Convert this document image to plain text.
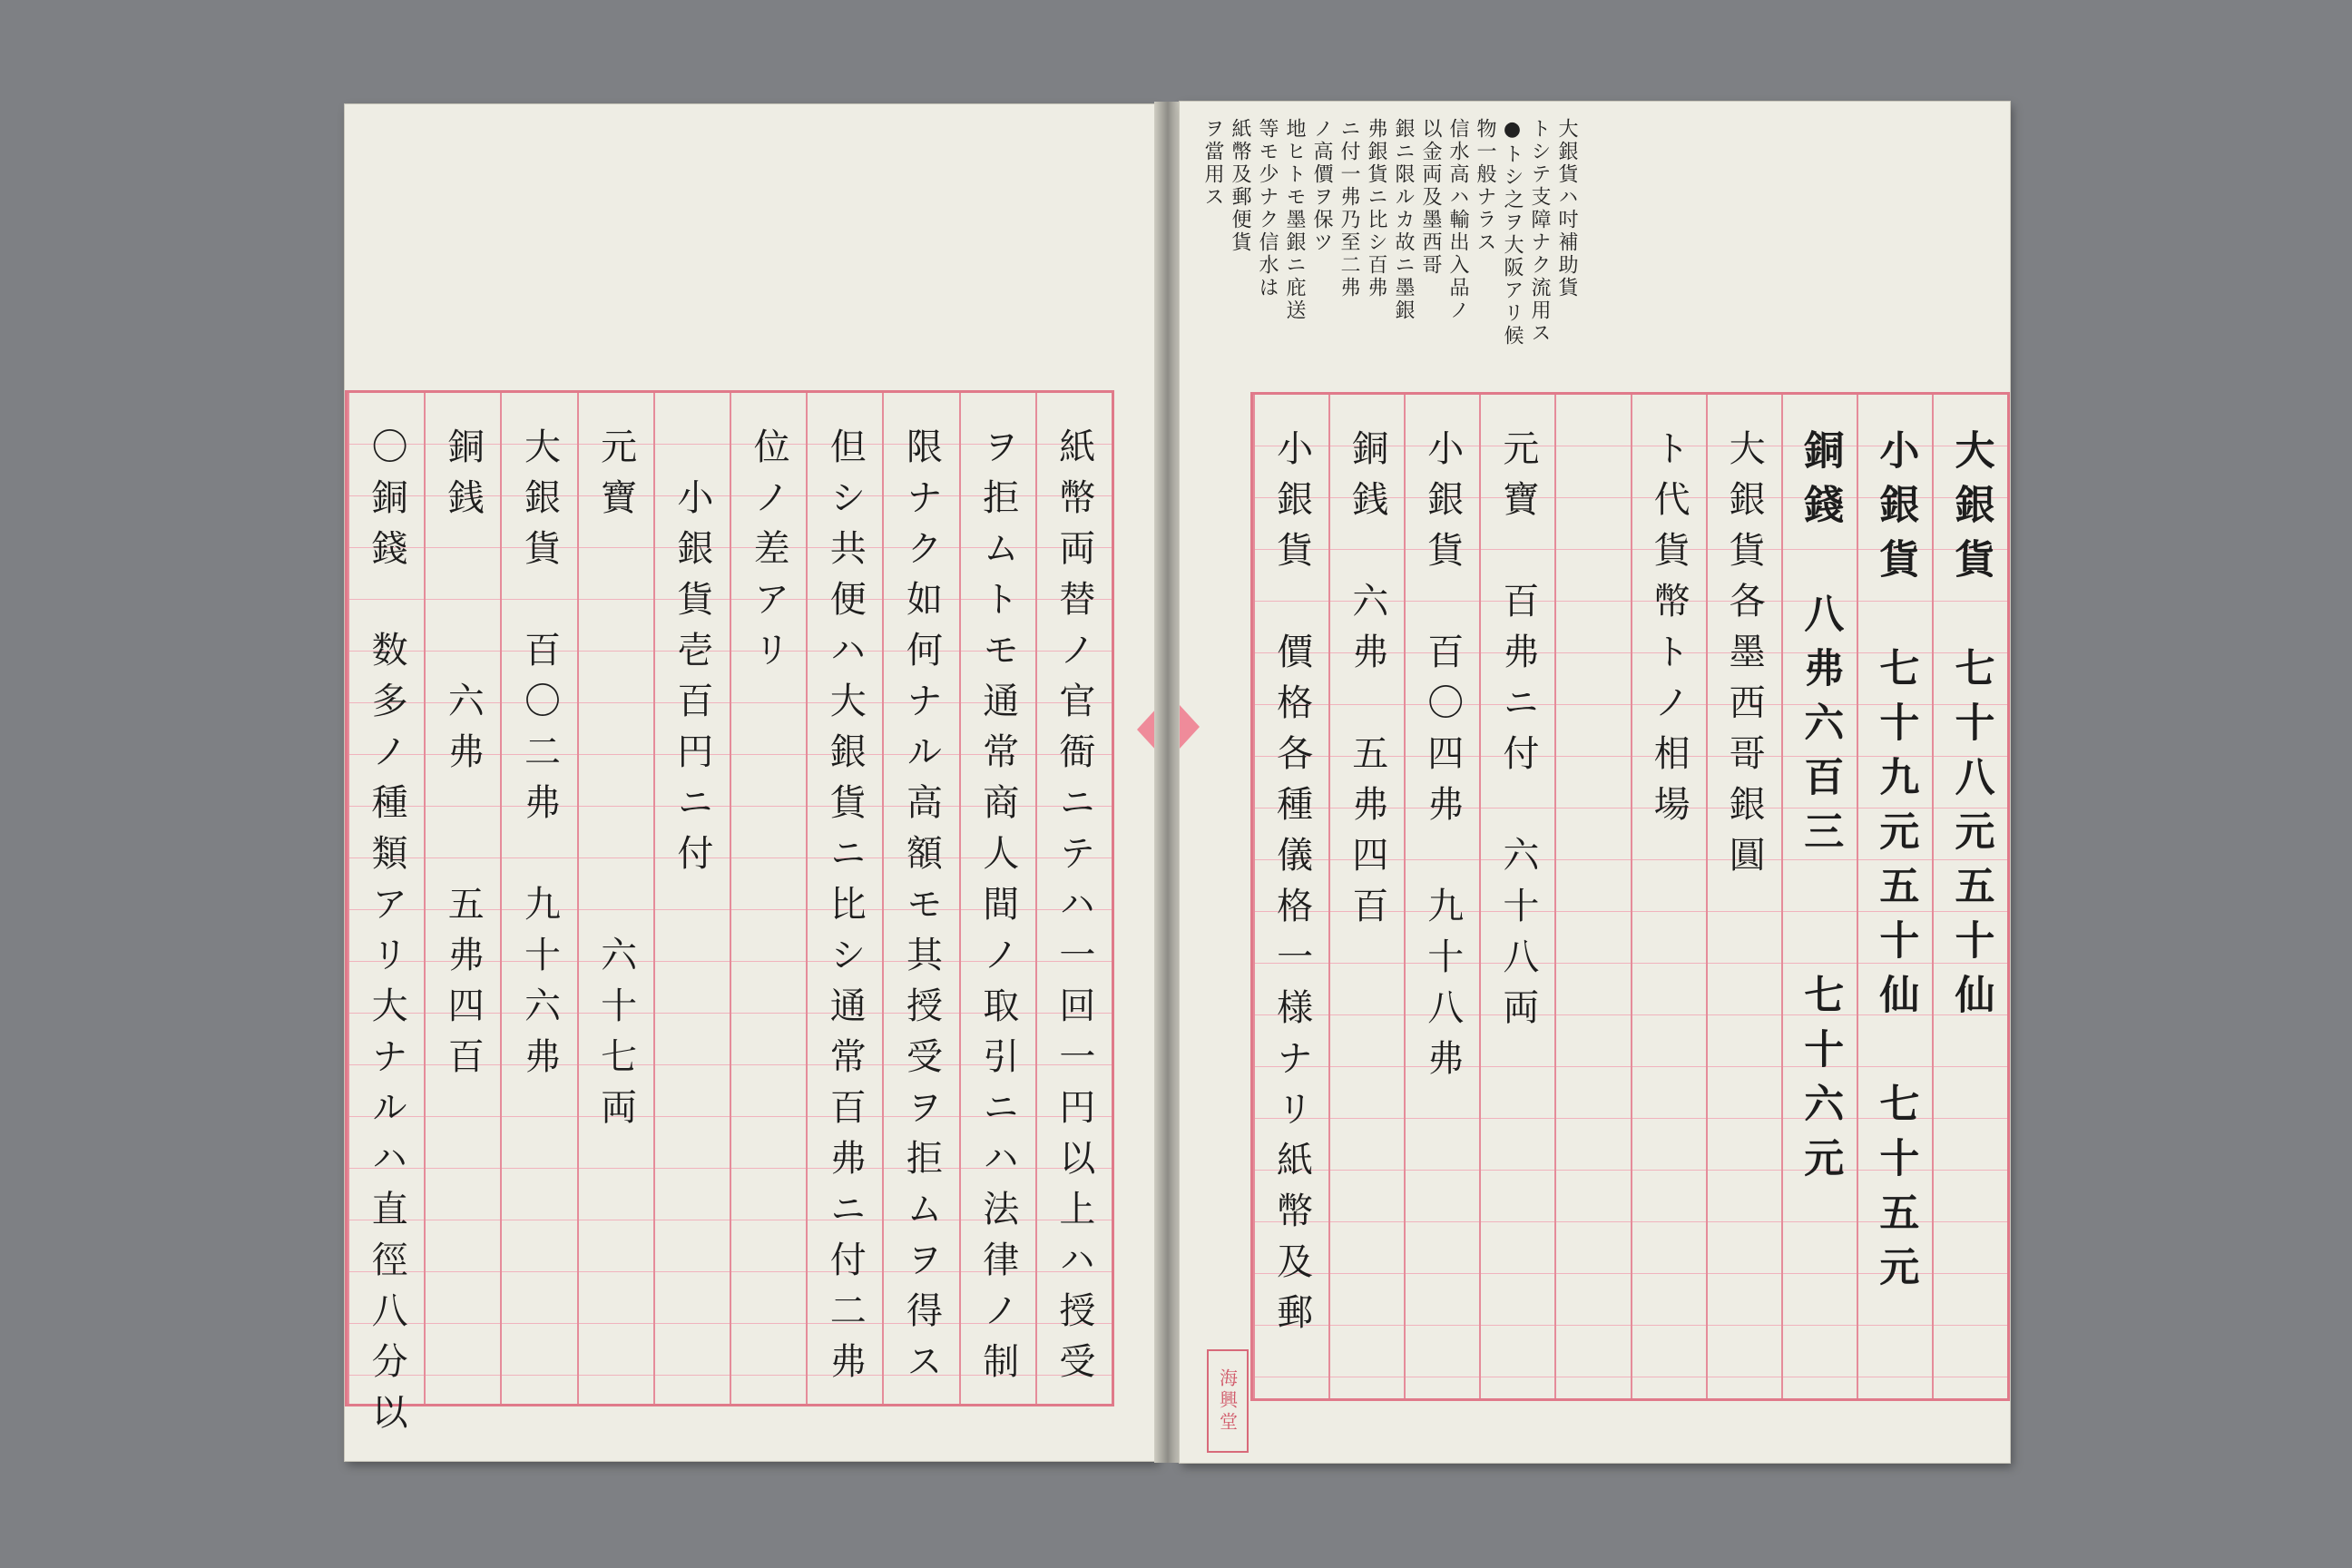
紙幣両替ノ官衙ニテハ一回一円以上ハ授受
ヲ拒ムトモ通常商人間ノ取引ニハ法律ノ制
限ナク如何ナル高額モ其授受ヲ拒ムヲ得ス
但シ共便ハ大銀貨ニ比シ通常百弗ニ付二弗
位ノ差アリ
　小銀貨壱百円ニ付
元寶　　　　　　　　六十七両
大銀貨　百〇二弗　九十六弗
銅銭　　　六弗　　五弗四百
〇銅錢　数多ノ種類アリ大ナルハ直徑八分以
大銀貨ハ吋補助貨
トシテ支障ナク流用ス
●トシ之ヲ大阪アリ候
物一般ナラス
信水高ハ輸出入品ノ
以金両及墨西哥
銀ニ限ルカ故ニ墨銀
弗銀貨ニ比シ百弗
ニ付一弗乃至二弗
ノ高價ヲ保ツ
地ヒトモ墨銀ニ庇送
等モ少ナク信水は
紙幣及郵便貨
ヲ當用ス
大銀貨　七十八元五十仙
小銀貨　七十九元五十仙　七十五元
銅錢　八弗六百三　　七十六元
大銀貨各墨西哥銀圓
ト代貨幣トノ相場
元寶　百弗ニ付　六十八両
小銀貨　百〇四弗　九十八弗
銅銭　六弗　五弗四百
小銀貨　價格各種儀格一様ナリ紙幣及郵
海興堂
